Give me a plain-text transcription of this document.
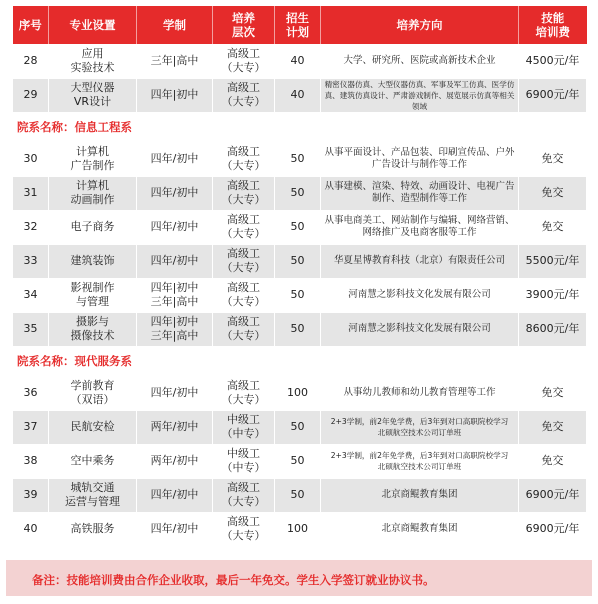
序号	专业设置	学制	培养
层次	招生
计划	培养方向	技能
培训费
28	应用
实验技术	三年|高中	高级工
（大专）	40	大学、研究所、医院或高新技术企业	4500元/年
29	大型仪器
VR设计	四年|初中	高级工
（大专）	40	精密仪器仿真、大型仪器仿真、军事及军工仿真、医学仿真、建筑仿真设计、严肃游戏制作、展览展示仿真等相关领域	6900元/年
院系名称：信息工程系						
30	计算机
广告制作	四年/初中	高级工
（大专）	50	从事平面设计、产品包装、印刷宣传品、户外广告设计与制作等工作	免交
31	计算机
动画制作	四年/初中	高级工
（大专）	50	从事建模、渲染、特效、动画设计、电视广告制作、造型制作等工作	免交
32	电子商务	四年/初中	高级工
（大专）	50	从事电商美工、网站制作与编辑、网络营销、网络推广及电商客服等工作	免交
33	建筑装饰	四年/初中	高级工
（大专）	50	华夏星博教育科技（北京）有限责任公司	5500元/年
34	影视制作
与管理	四年|初中
三年|高中	高级工
（大专）	50	河南慧之影科技文化发展有限公司	3900元/年
35	摄影与
摄像技术	四年|初中
三年|高中	高级工
（大专）	50	河南慧之影科技文化发展有限公司	8600元/年
院系名称：现代服务系						
36	学前教育
（双语）	四年/初中	高级工
（大专）	100	从事幼儿教师和幼儿教育管理等工作	免交
37	民航安检	两年/初中	中级工
（中专）	50	2+3学制，前2年免学费，后3年到对口高职院校学习
北硕航空技术公司订单班	免交
38	空中乘务	两年/初中	中级工
（中专）	50	2+3学制，前2年免学费，后3年到对口高职院校学习
北硕航空技术公司订单班	免交
39	城轨交通
运营与管理	四年/初中	高级工
（大专）	50	北京商鲲教育集团	6900元/年
40	高铁服务	四年/初中	高级工
（大专）	100	北京商鲲教育集团	6900元/年
备注：技能培训费由合作企业收取，最后一年免交。学生入学签订就业协议书。
